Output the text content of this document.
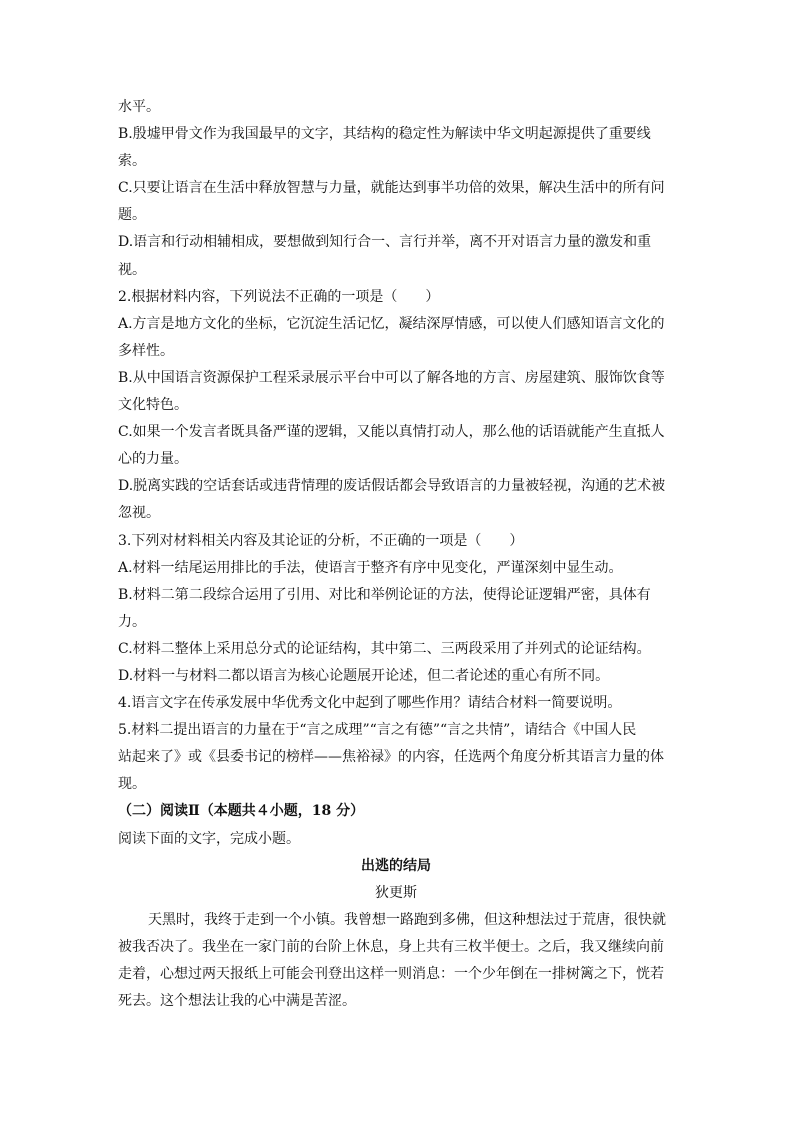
水平。
B.殷墟甲骨文作为我国最早的文字，其结构的稳定性为解读中华文明起源提供了重要线
索。
C.只要让语言在生活中释放智慧与力量，就能达到事半功倍的效果，解决生活中的所有问
题。
D.语言和行动相辅相成，要想做到知行合一、言行并举，离不开对语言力量的激发和重
视。
2.根据材料内容，下列说法不正确的一项是（　　）
A.方言是地方文化的坐标，它沉淀生活记忆，凝结深厚情感，可以使人们感知语言文化的
多样性。
B.从中国语言资源保护工程采录展示平台中可以了解各地的方言、房屋建筑、服饰饮食等
文化特色。
C.如果一个发言者既具备严谨的逻辑，又能以真情打动人，那么他的话语就能产生直抵人
心的力量。
D.脱离实践的空话套话或违背情理的废话假话都会导致语言的力量被轻视，沟通的艺术被
忽视。
3.下列对材料相关内容及其论证的分析，不正确的一项是（　　）
A.材料一结尾运用排比的手法，使语言于整齐有序中见变化，严谨深刻中显生动。
B.材料二第二段综合运用了引用、对比和举例论证的方法，使得论证逻辑严密，具体有
力。
C.材料二整体上采用总分式的论证结构，其中第二、三两段采用了并列式的论证结构。
D.材料一与材料二都以语言为核心论题展开论述，但二者论述的重心有所不同。
4.语言文字在传承发展中华优秀文化中起到了哪些作用？请结合材料一简要说明。
5.材料二提出语言的力量在于“言之成理”“言之有德”“言之共情”，请结合《中国人民
站起来了》或《县委书记的榜样——焦裕禄》的内容，任选两个角度分析其语言力量的体
现。
（二）阅读Ⅱ（本题共４小题，18 分）
阅读下面的文字，完成小题。
出逃的结局
狄更斯
天黑时，我终于走到一个小镇。我曾想一路跑到多佛，但这种想法过于荒唐，很快就
被我否决了。我坐在一家门前的台阶上休息，身上共有三枚半便士。之后，我又继续向前
走着，心想过两天报纸上可能会刊登出这样一则消息：一个少年倒在一排树篱之下，恍若
死去。这个想法让我的心中满是苦涩。
